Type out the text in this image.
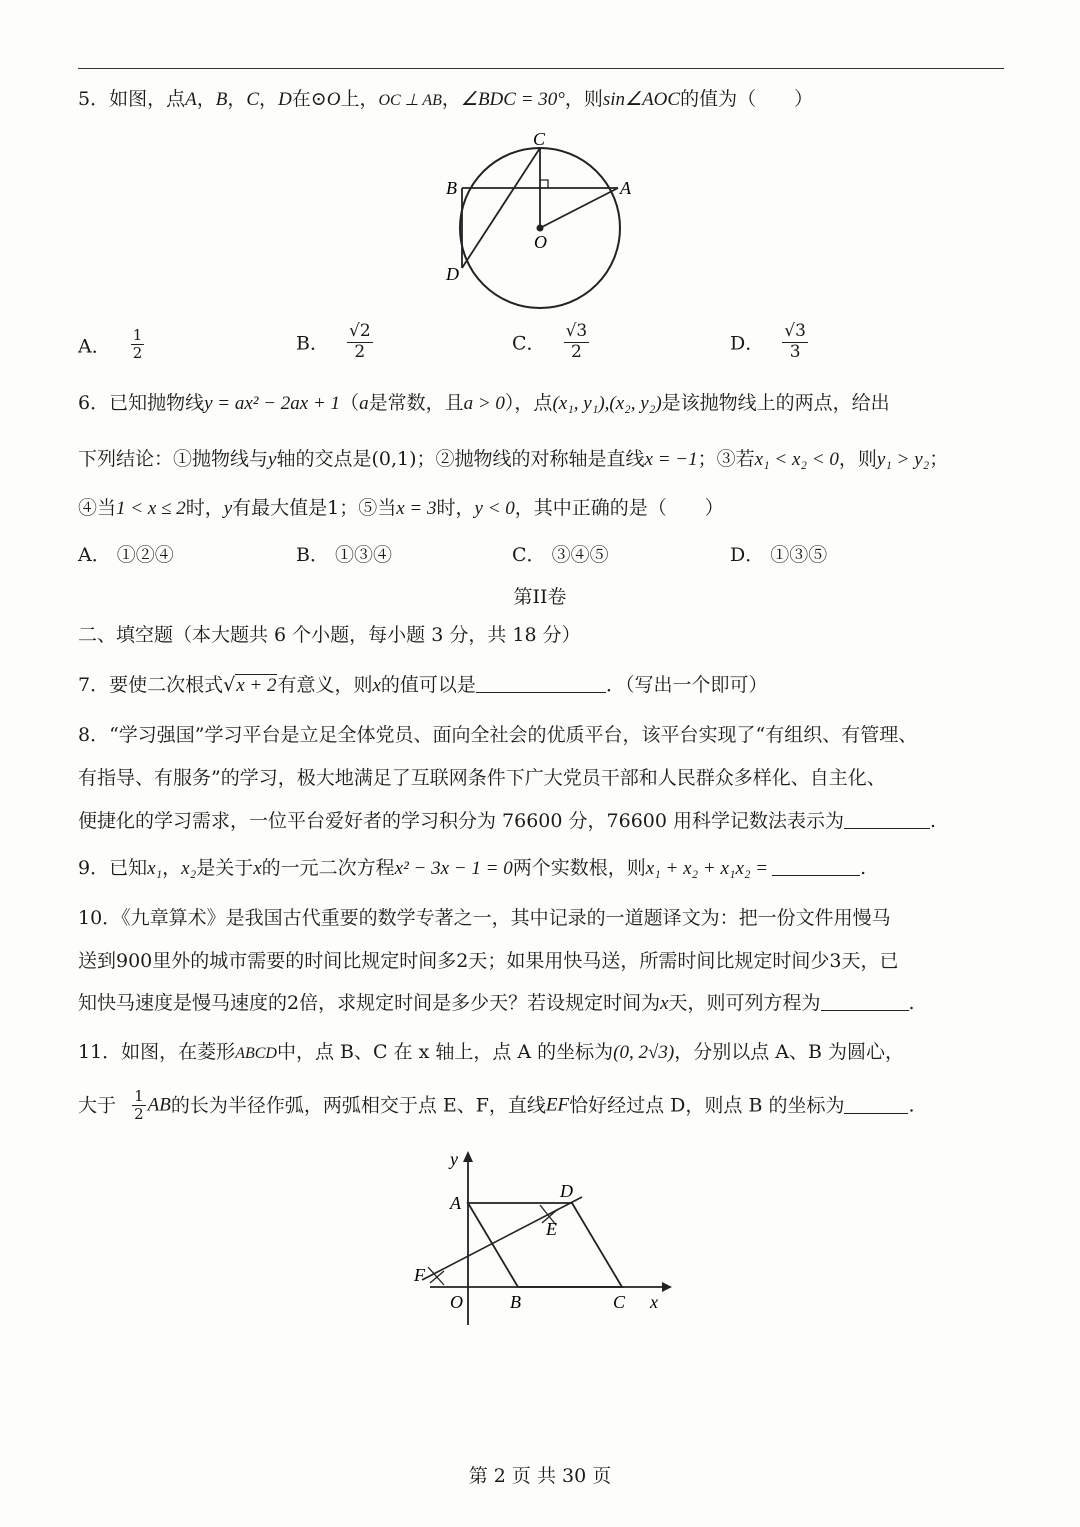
5．如图，点A，B，C，D在⊙O上，OC ⊥ AB，∠BDC = 30°，则sin∠AOC的值为（　　）
C
B	A
O
D
A． $\frac{1}{2}$	B． $\frac{√2}{2}$	C． $\frac{√3}{2}$	D． $\frac{√3}{3}$
6．已知抛物线y = ax² − 2ax + 1（a是常数，且a > 0），点(x₁, y₁),(x₂, y₂)是该抛物线上的两点，给出
下列结论：①抛物线与y轴的交点是(0,1)；②抛物线的对称轴是直线x = −1；③若x₁ < x₂ < 0，则y₁ > y₂；
④当1 < x ≤ 2时，y有最大值是1；⑤当x = 3时，y < 0，其中正确的是（　　）
A． ①②④	B． ①③④	C． ③④⑤	D． ①③⑤
第II卷
二、填空题（本大题共 6 个小题，每小题 3 分，共 18 分）
7．要使二次根式√x + 2有意义，则x的值可以是	．（写出一个即可）
8．“学习强国”学习平台是立足全体党员、面向全社会的优质平台，该平台实现了“有组织、有管理、
有指导、有服务”的学习，极大地满足了互联网条件下广大党员干部和人民群众多样化、自主化、
便捷化的学习需求，一位平台爱好者的学习积分为 76600 分，76600 用科学记数法表示为	.
9．已知x₁，x₂是关于x的一元二次方程x² − 3x − 1 = 0两个实数根，则x₁ + x₂ + x₁x₂ =	.
10．《九章算术》是我国古代重要的数学专著之一，其中记录的一道题译文为：把一份文件用慢马
送到900里外的城市需要的时间比规定时间多2天；如果用快马送，所需时间比规定时间少3天，已
知快马速度是慢马速度的2倍，求规定时间是多少天？若设规定时间为x天，则可列方程为	.
11．如图，在菱形ABCD中，点 B、C 在 x 轴上，点 A 的坐标为(0, 2√3)，分别以点 A、B 为圆心，
大于 $\frac{1}{2}$ AB的长为半径作弧，两弧相交于点 E、F，直线EF恰好经过点 D，则点 B 的坐标为	.
y
A
D
E
F
O	B	C x
第 2 页 共 30 页
